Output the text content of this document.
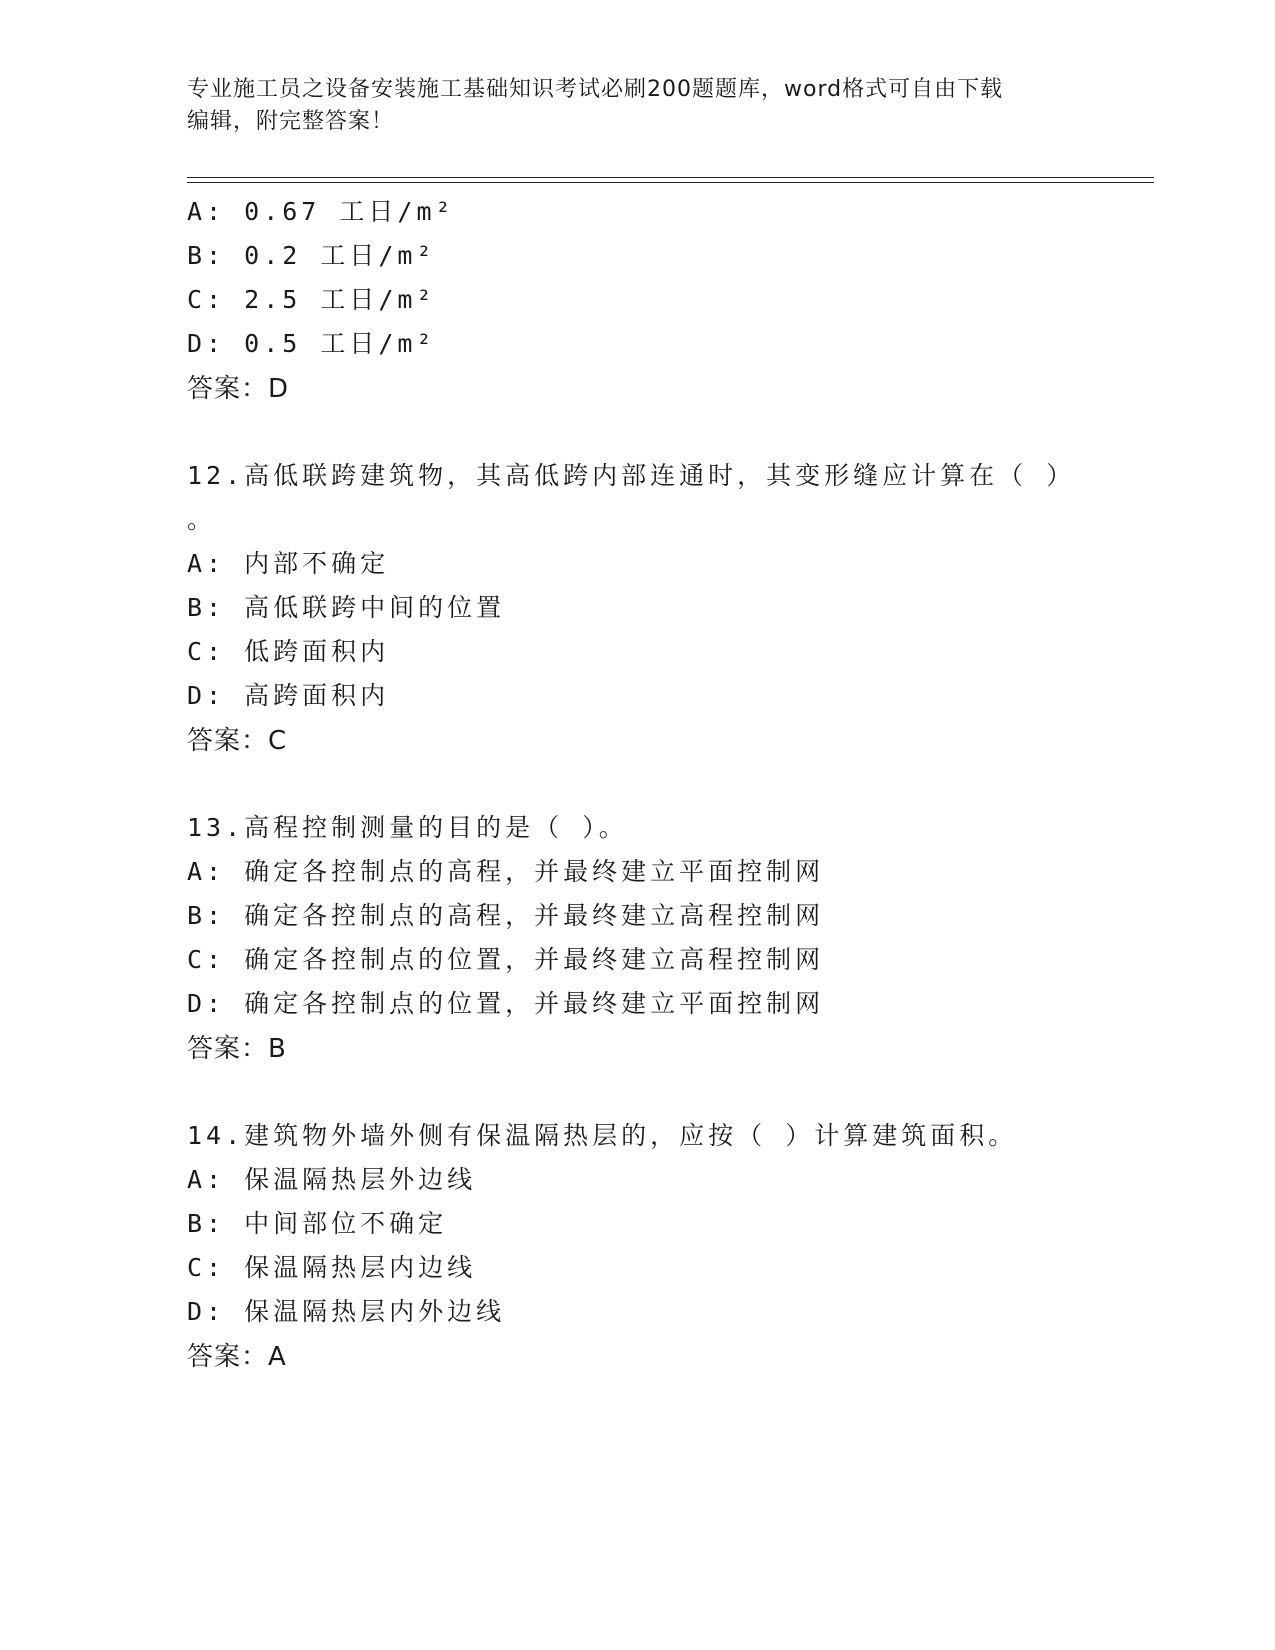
专业施工员之设备安装施工基础知识考试必刷200题题库，word格式可自由下载
编辑，附完整答案！
A: 0.67 工日/m²
B: 0.2 工日/m²
C: 2.5 工日/m²
D: 0.5 工日/m²
答案：D
12.高低联跨建筑物，其高低跨内部连通时，其变形缝应计算在（ ）
。
A: 内部不确定
B: 高低联跨中间的位置
C: 低跨面积内
D: 高跨面积内
答案：C
13.高程控制测量的目的是（ ）。
A: 确定各控制点的高程，并最终建立平面控制网
B: 确定各控制点的高程，并最终建立高程控制网
C: 确定各控制点的位置，并最终建立高程控制网
D: 确定各控制点的位置，并最终建立平面控制网
答案：B
14.建筑物外墙外侧有保温隔热层的，应按（ ）计算建筑面积。
A: 保温隔热层外边线
B: 中间部位不确定
C: 保温隔热层内边线
D: 保温隔热层内外边线
答案：A
